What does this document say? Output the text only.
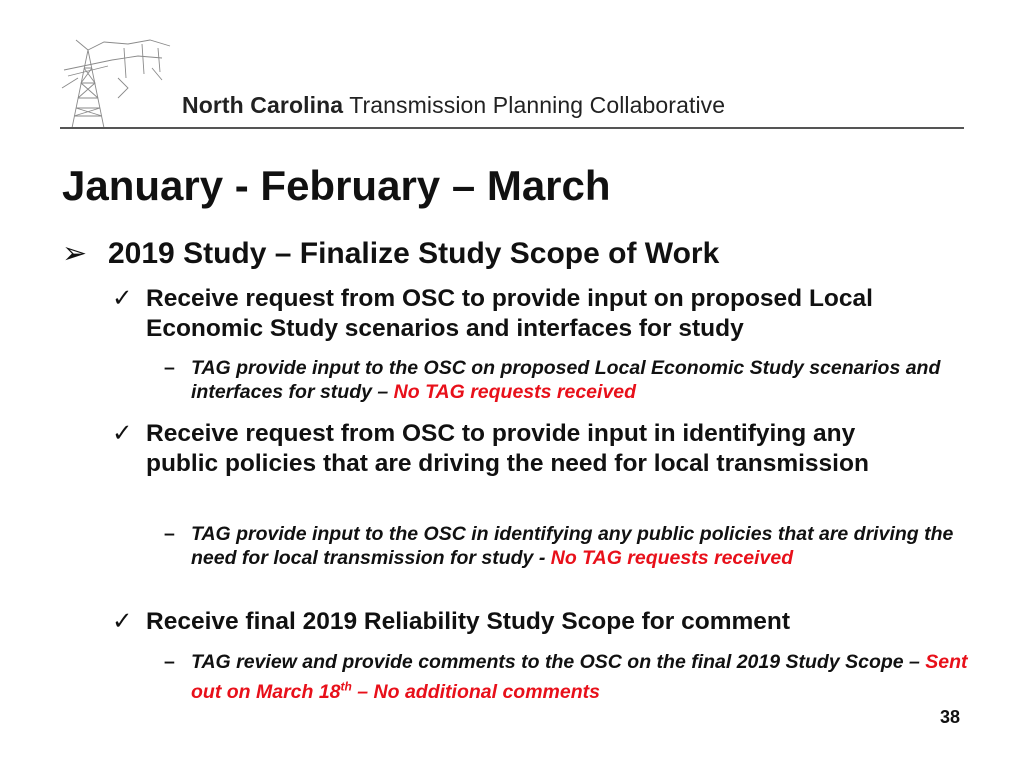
North Carolina Transmission Planning Collaborative
January - February – March
➢ 2019 Study – Finalize Study Scope of Work
✓ Receive request from OSC to provide input on proposed Local Economic Study scenarios and interfaces for study
– TAG provide input to the OSC on proposed Local Economic Study scenarios and interfaces for study – No TAG requests received
✓ Receive request from OSC to provide input in identifying any public policies that are driving the need for local transmission
– TAG provide input to the OSC in identifying any public policies that are driving the need for local transmission for study - No TAG requests received
✓ Receive final 2019 Reliability Study Scope for comment
– TAG review and provide comments to the OSC on the final 2019 Study Scope – Sent out on March 18th – No additional comments
38
